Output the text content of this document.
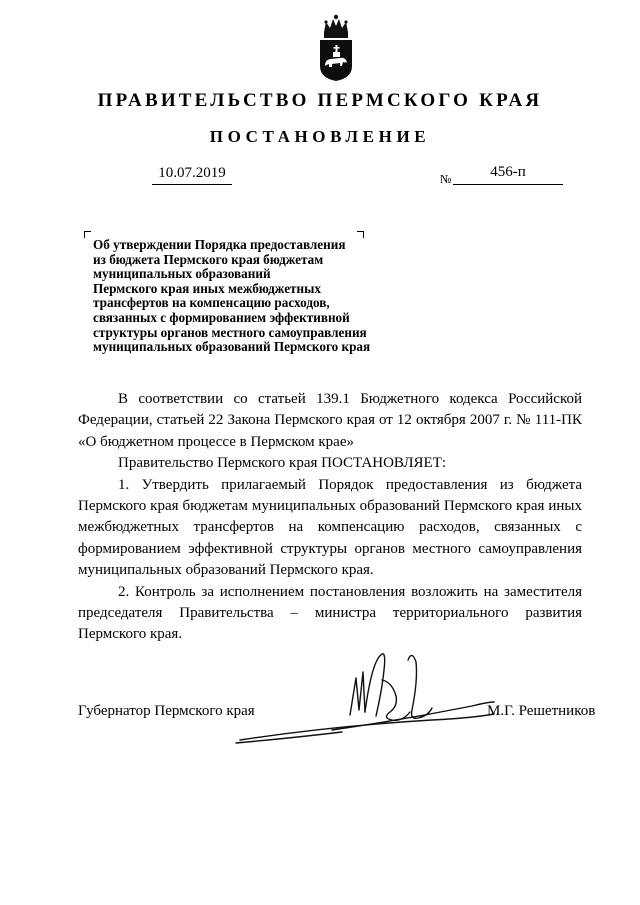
ПРАВИТЕЛЬСТВО ПЕРМСКОГО КРАЯ
ПОСТАНОВЛЕНИЕ
10.07.2019	№	456-п
Об утверждении Порядка предоставления
из бюджета Пермского края бюджетам
муниципальных образований
Пермского края иных межбюджетных
трансфертов на компенсацию расходов,
связанных с формированием эффективной
структуры органов местного самоуправления
муниципальных образований Пермского края

В соответствии со статьей 139.1 Бюджетного кодекса Российской Федерации, статьей 22 Закона Пермского края от 12 октября 2007 г. № 111-ПК «О бюджетном процессе в Пермском крае»

Правительство Пермского края ПОСТАНОВЛЯЕТ:

1. Утвердить прилагаемый Порядок предоставления из бюджета Пермского края бюджетам муниципальных образований Пермского края иных межбюджетных трансфертов на компенсацию расходов, связанных с формированием эффективной структуры органов местного самоуправления муниципальных образований Пермского края.

2. Контроль за исполнением постановления возложить на заместителя председателя Правительства – министра территориального развития Пермского края.

Губернатор Пермского края	М.Г. Решетников
